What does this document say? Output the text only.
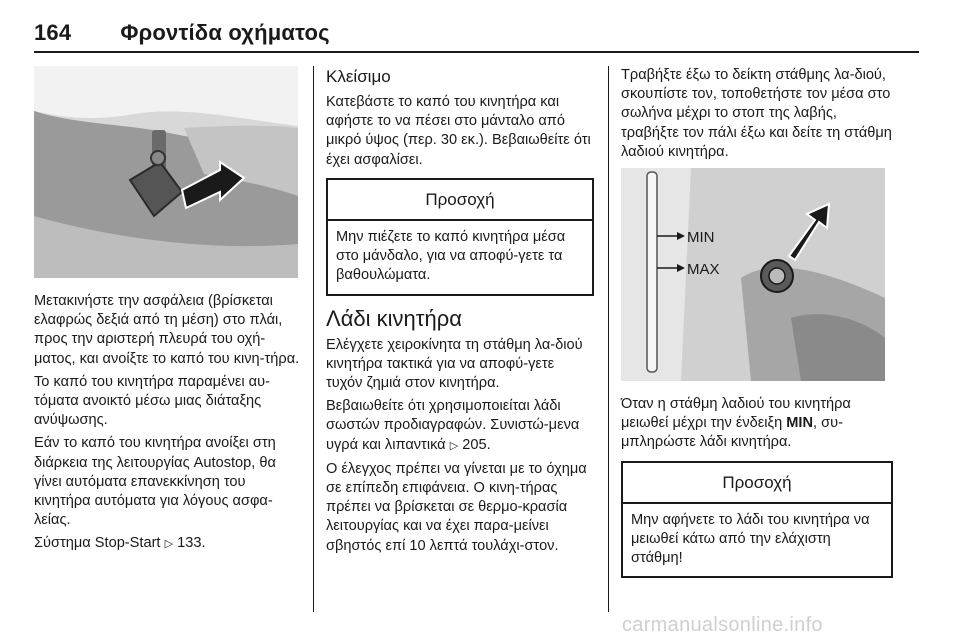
164 Φροντίδα οχήματος

Μετακινήστε την ασφάλεια (βρίσκεται ελαφρώς δεξιά από τη μέση) στο πλάι, προς την αριστερή πλευρά του οχή-ματος, και ανοίξτε το καπό του κινη-τήρα.

Το καπό του κινητήρα παραμένει αυ-τόματα ανοικτό μέσω μιας διάταξης ανύψωσης.

Εάν το καπό του κινητήρα ανοίξει στη διάρκεια της λειτουργίας Autostop, θα γίνει αυτόματα επανεκκίνηση του κινητήρα αυτόματα για λόγους ασφα-λείας.

Σύστημα Stop-Start ▷ 133.

Κλείσιμο

Κατεβάστε το καπό του κινητήρα και αφήστε το να πέσει στο μάνταλο από μικρό ύψος (περ. 30 εκ.). Βεβαιωθείτε ότι έχει ασφαλίσει.

Προσοχή
Μην πιέζετε το καπό κινητήρα μέσα στο μάνδαλο, για να αποφύ-γετε τα βαθουλώματα.
Λάδι κινητήρα

Ελέγχετε χειροκίνητα τη στάθμη λα-διού κινητήρα τακτικά για να αποφύ-γετε τυχόν ζημιά στον κινητήρα.

Βεβαιωθείτε ότι χρησιμοποιείται λάδι σωστών προδιαγραφών. Συνιστώ-μενα υγρά και λιπαντικά ▷ 205.

Ο έλεγχος πρέπει να γίνεται με το όχημα σε επίπεδη επιφάνεια. Ο κινη-τήρας πρέπει να βρίσκεται σε θερμο-κρασία λειτουργίας και να έχει παρα-μείνει σβηστός επί 10 λεπτά τουλάχι-στον.

Τραβήξτε έξω το δείκτη στάθμης λα-διού, σκουπίστε τον, τοποθετήστε τον μέσα στο σωλήνα μέχρι το στοπ της λαβής, τραβήξτε τον πάλι έξω και δείτε τη στάθμη λαδιού κινητήρα.

MIN
MAX

Όταν η στάθμη λαδιού του κινητήρα μειωθεί μέχρι την ένδειξη MIN, συ-μπληρώστε λάδι κινητήρα.

Προσοχή
Μην αφήνετε το λάδι του κινητήρα να μειωθεί κάτω από την ελάχιστη στάθμη!
carmanualsonline.info
